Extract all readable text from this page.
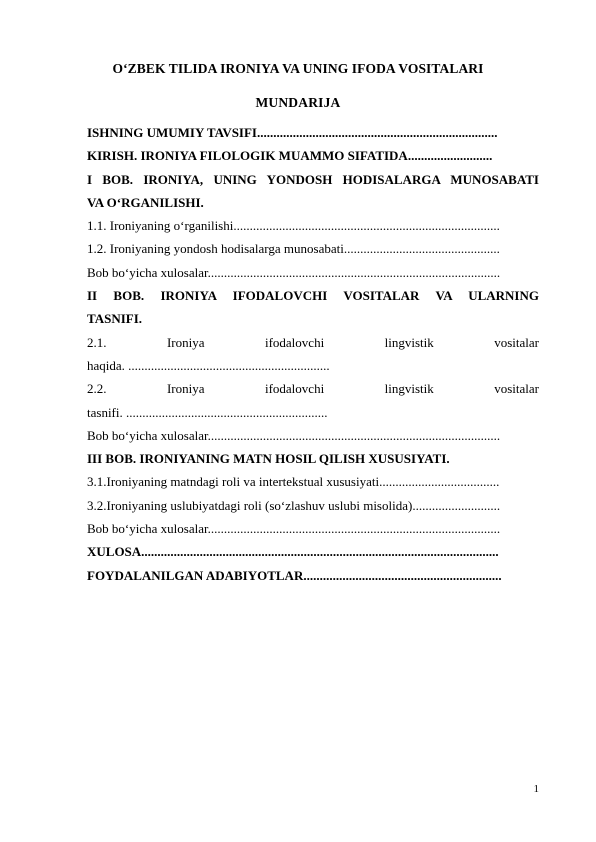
O‘ZBEK TILIDA IRONIYA VA UNING IFODA VOSITALARI
MUNDARIJA
ISHNING UMUMIY TAVSIFI..........................................................................
KIRISH. IRONIYA FILOLOGIK MUAMMO SIFATIDA..........................
I BOB. IRONIYA, UNING YONDOSH HODISALARGA MUNOSABATI
VA O‘RGANILISHI.
1.1. Ironiyaning o‘rganilishi..................................................................................
1.2. Ironiyaning yondosh hodisalarga munosabati................................................
Bob bo‘yicha xulosalar..........................................................................................
II BOB. IRONIYA IFODALOVCHI VOSITALAR VA ULARNING
TASNIFI.
2.1. Ironiya ifodalovchi lingvistik vositalar
haqida. ..............................................................
2.2. Ironiya ifodalovchi lingvistik vositalar
tasnifi. ..............................................................
Bob bo‘yicha xulosalar..........................................................................................
III BOB. IRONIYANING MATN HOSIL QILISH XUSUSIYATI.
3.1.Ironiyaning matndagi roli va intertekstual xususiyati.....................................
3.2.Ironiyaning uslubiyatdagi roli (so‘zlashuv uslubi misolida)...........................
Bob bo‘yicha xulosalar..........................................................................................
XULOSA..............................................................................................................
FOYDALANILGAN ADABIYOTLAR.............................................................
1
